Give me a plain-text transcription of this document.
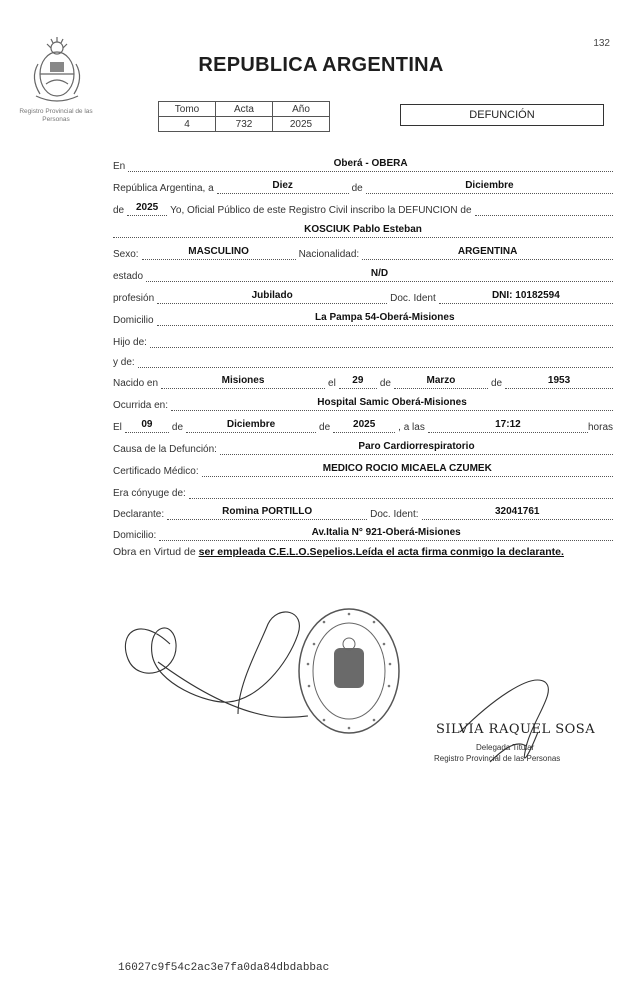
132
Registro Provincial de las Personas
REPUBLICA ARGENTINA
Tomo	Acta	Año
4	732	2025
DEFUNCIÓN
En	Oberá - OBERA
República Argentina, a	Diez	de	Diciembre
de	2025	Yo, Oficial Público de este Registro Civil inscribo la DEFUNCION de
KOSCIUK Pablo Esteban
Sexo:	MASCULINO	Nacionalidad:	ARGENTINA
estado	N/D
profesión	Jubilado	Doc. Ident	DNI: 10182594
Domicilio	La Pampa 54-Oberá-Misiones
Hijo de:
y de:
Nacido en	Misiones	el	29	de	Marzo	de	1953
Ocurrida en:	Hospital Samic Oberá-Misiones
El	09	de	Diciembre	de	2025	, a las	17:12	horas
Causa de la Defunción:	Paro Cardiorrespiratorio
Certificado Médico:	MEDICO ROCIO MICAELA CZUMEK
Era cónyuge de:
Declarante:	Romina PORTILLO	Doc. Ident:	32041761
Domicilio:	Av.Italia N° 921-Oberá-Misiones
Obra en Virtud de ser empleada C.E.L.O.Sepelios.Leída el acta firma conmigo la declarante.
SILVIA RAQUEL SOSA
Delegada Titular
Registro Provincial de las Personas
16027c9f54c2ac3e7fa0da84dbdabbac
